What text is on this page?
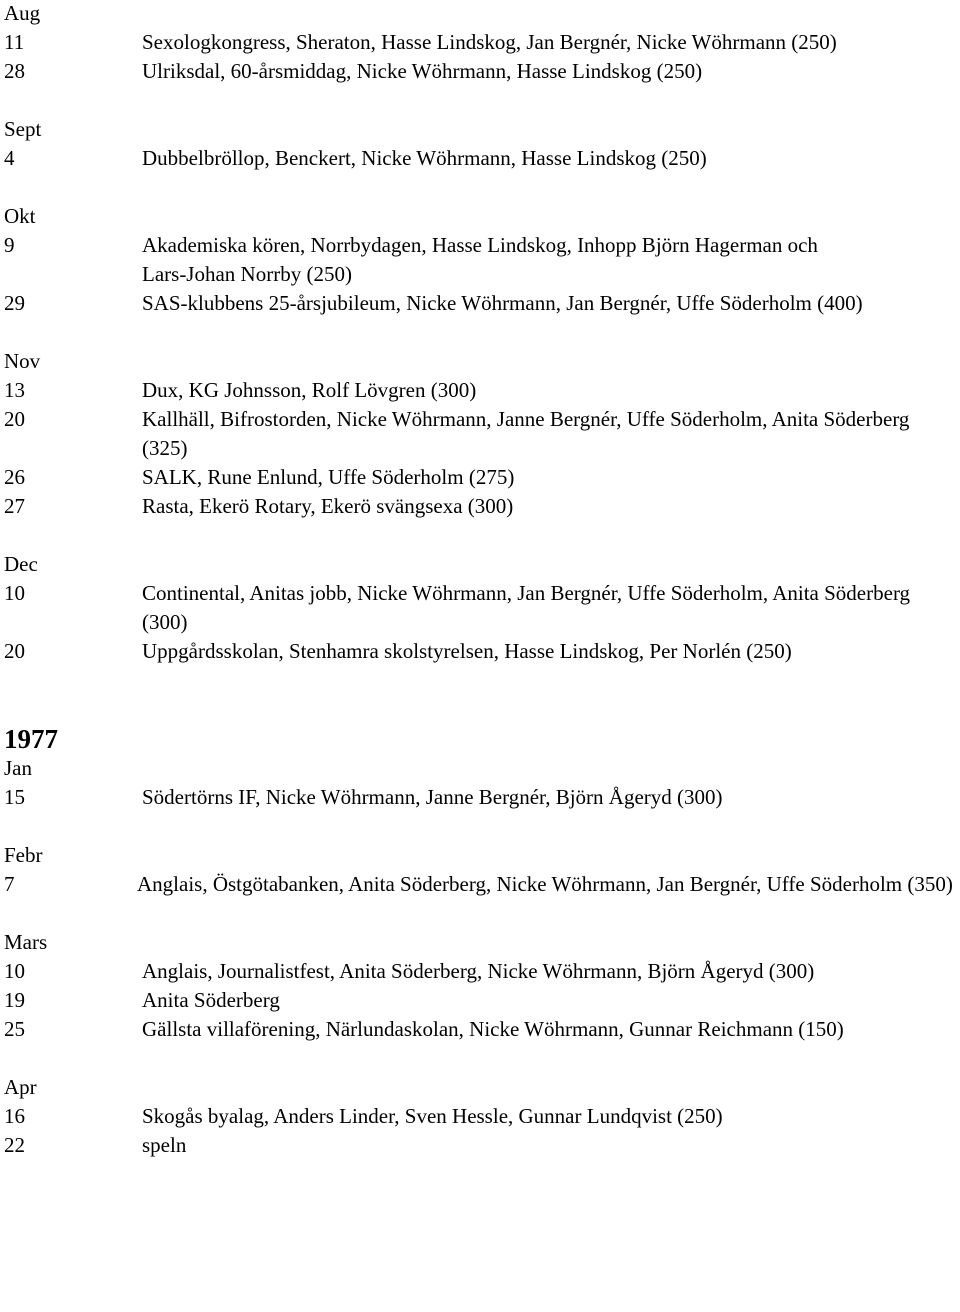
Aug
11	Sexologkongress, Sheraton, Hasse Lindskog, Jan Bergnér, Nicke Wöhrmann (250)
28	Ulriksdal, 60-årsmiddag, Nicke Wöhrmann, Hasse Lindskog (250)
Sept
4	Dubbelbröllop, Benckert, Nicke Wöhrmann, Hasse Lindskog (250)
Okt
9	Akademiska kören, Norrbydagen, Hasse Lindskog, Inhopp Björn Hagerman och Lars-Johan Norrby (250)
29	SAS-klubbens 25-årsjubileum, Nicke Wöhrmann, Jan Bergnér, Uffe Söderholm (400)
Nov
13	Dux, KG Johnsson, Rolf Lövgren (300)
20	Kallhäll, Bifrostorden, Nicke Wöhrmann, Janne Bergnér, Uffe Söderholm, Anita Söderberg (325)
26	SALK, Rune Enlund, Uffe Söderholm (275)
27	Rasta, Ekerö Rotary, Ekerö svängsexa (300)
Dec
10	Continental, Anitas jobb, Nicke Wöhrmann, Jan Bergnér, Uffe Söderholm, Anita Söderberg (300)
20	Uppgårdsskolan, Stenhamra skolstyrelsen, Hasse Lindskog, Per Norlén (250)
1977
Jan
15	Södertörns IF, Nicke Wöhrmann, Janne Bergnér, Björn Ågeryd (300)
Febr
7	Anglais, Östgötabanken, Anita Söderberg, Nicke Wöhrmann, Jan Bergnér, Uffe Söderholm (350)
Mars
10	Anglais, Journalistfest, Anita Söderberg, Nicke Wöhrmann, Björn Ågeryd (300)
19	Anita Söderberg
25	Gällsta villaförening, Närlundaskolan, Nicke Wöhrmann, Gunnar Reichmann (150)
Apr
16	Skogås byalag, Anders Linder, Sven Hessle, Gunnar Lundqvist (250)
22	speln
